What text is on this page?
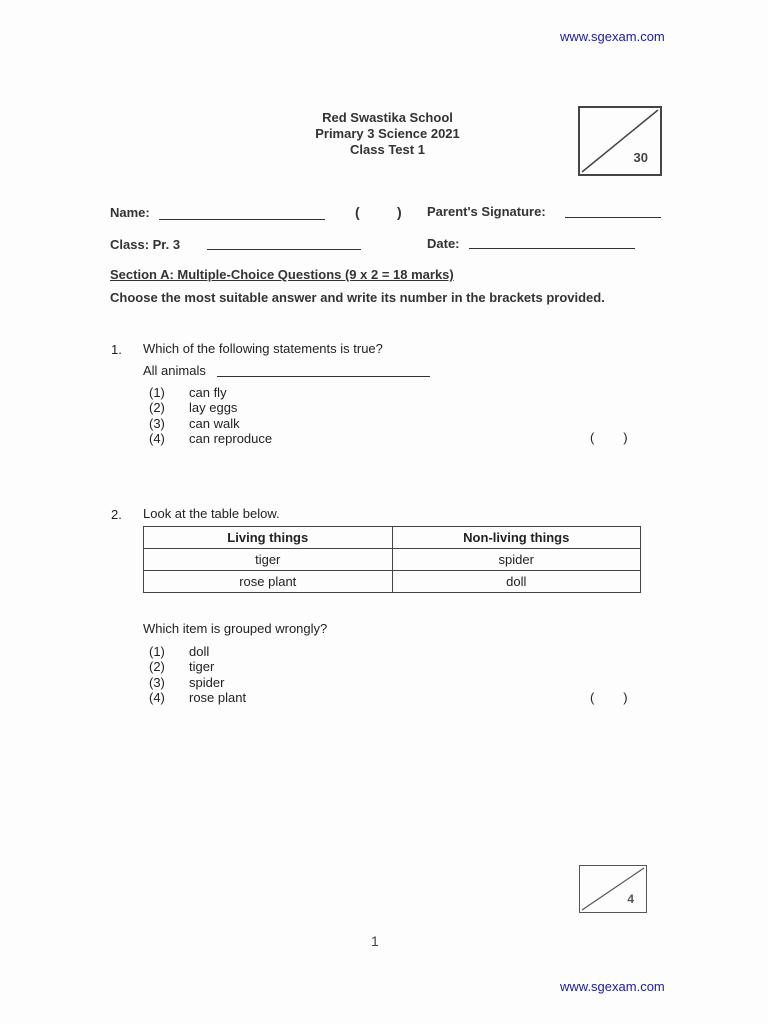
www.sgexam.com
Red Swastika School
Primary 3 Science 2021
Class Test 1
30
Name:	(	) Parent's Signature:
Class: Pr. 3	Date:
Section A: Multiple-Choice Questions (9 x 2 = 18 marks)
Choose the most suitable answer and write its number in the brackets provided.
1. Which of the following statements is true?
All animals
(1)	can fly
(2)	lay eggs
(3)	can walk
(4)	can reproduce	(        )
2. Look at the table below.
Living things	Non-living things
tiger	spider
rose plant	doll
Which item is grouped wrongly?
(1)	doll
(2)	tiger
(3)	spider
(4)	rose plant	(        )
4
1
www.sgexam.com
